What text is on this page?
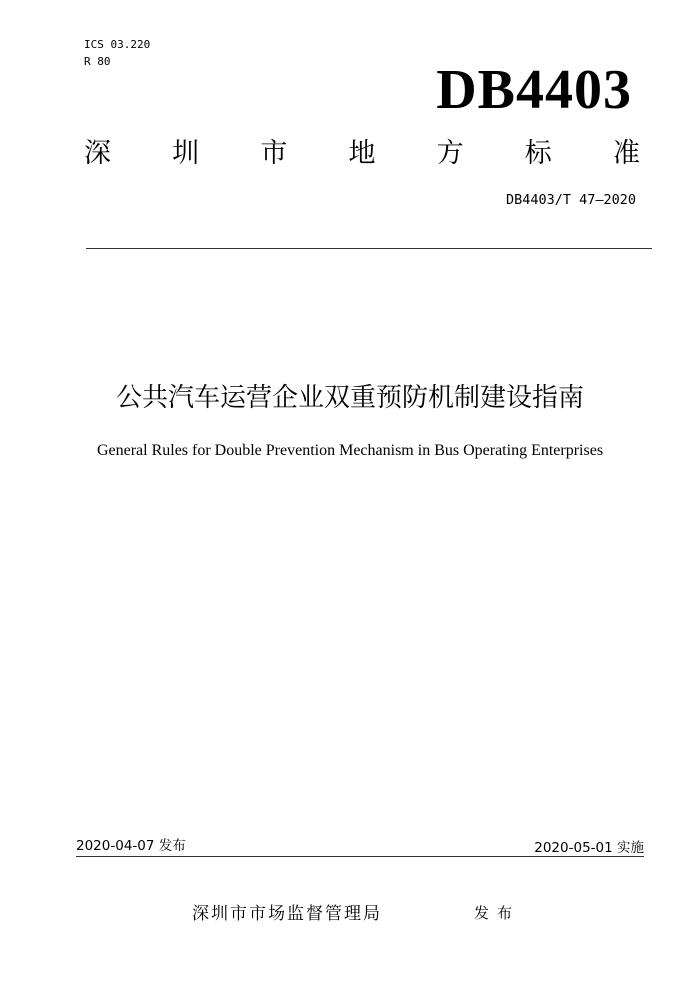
ICS 03.220
R 80	DB4403
深 圳 市 地 方 标 准
DB4403/T 47—2020
公共汽车运营企业双重预防机制建设指南
General Rules for Double Prevention Mechanism in Bus Operating Enterprises
2020-04-07 发布	2020-05-01 实施
深圳市市场监督管理局	发布
